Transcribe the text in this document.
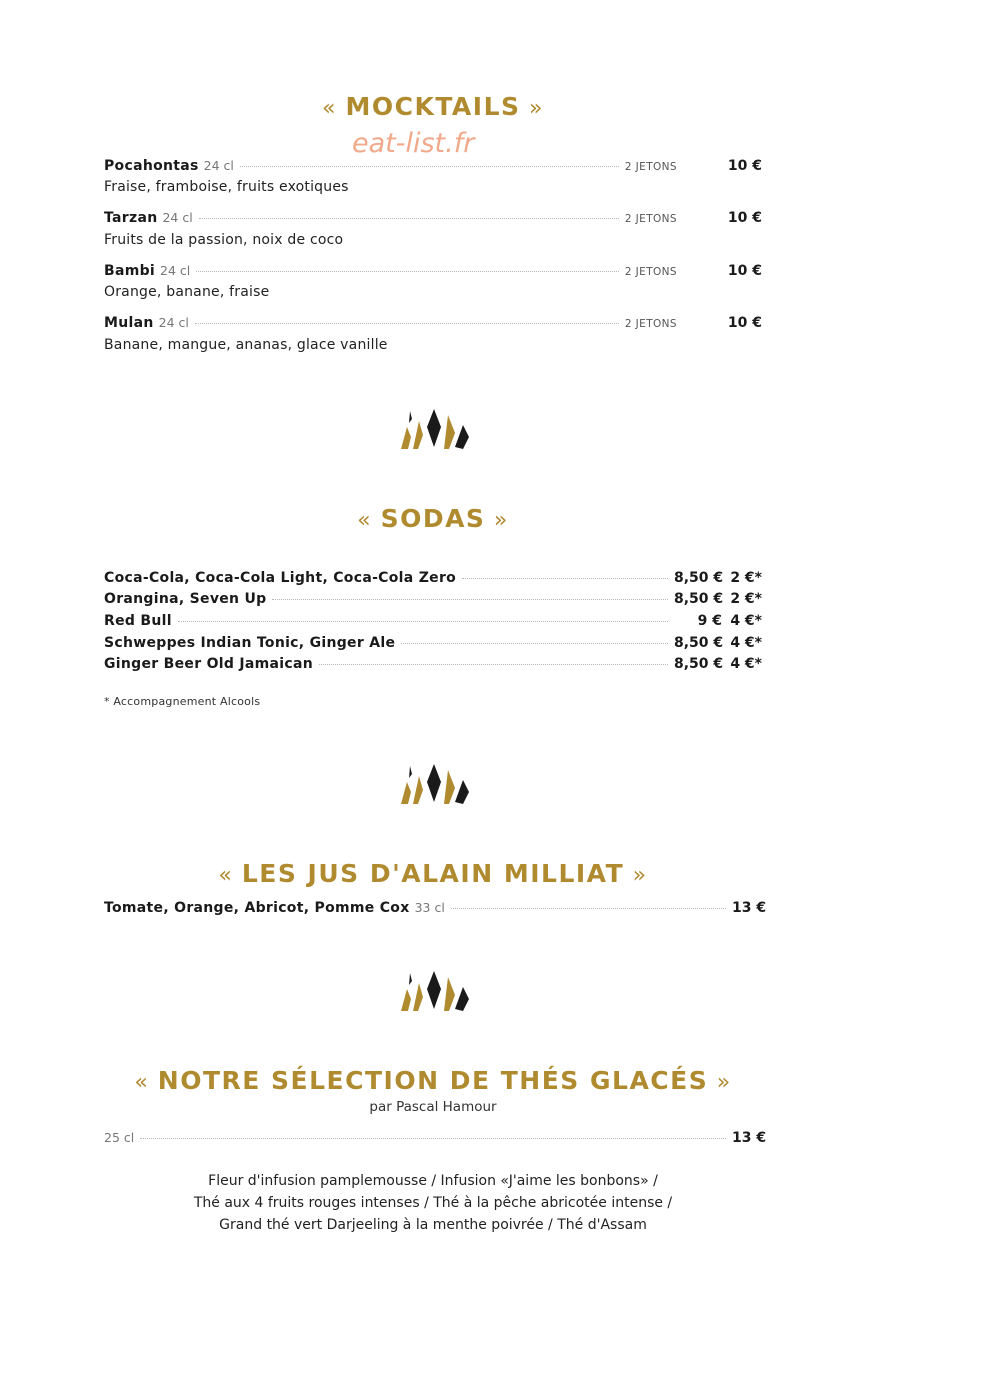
« MOCKTAILS »
eat-list.fr
Pocahontas 24 cl	2 JETONS	10 €
Fraise, framboise, fruits exotiques
Tarzan 24 cl	2 JETONS	10 €
Fruits de la passion, noix de coco
Bambi 24 cl	2 JETONS	10 €
Orange, banane, fraise
Mulan 24 cl	2 JETONS	10 €
Banane, mangue, ananas, glace vanille
« SODAS »
Coca-Cola, Coca-Cola Light, Coca-Cola Zero	8,50 € 2 €*
Orangina, Seven Up	8,50 € 2 €*
Red Bull	9 € 4 €*
Schweppes Indian Tonic, Ginger Ale	8,50 € 4 €*
Ginger Beer Old Jamaican	8,50 € 4 €*
* Accompagnement Alcools
« LES JUS D'ALAIN MILLIAT »
Tomate, Orange, Abricot, Pomme Cox 33 cl	13 €
« NOTRE SÉLECTION DE THÉS GLACÉS »
par Pascal Hamour
25 cl	13 €
Fleur d'infusion pamplemousse / Infusion «J'aime les bonbons» /
Thé aux 4 fruits rouges intenses / Thé à la pêche abricotée intense /
Grand thé vert Darjeeling à la menthe poivrée / Thé d'Assam
